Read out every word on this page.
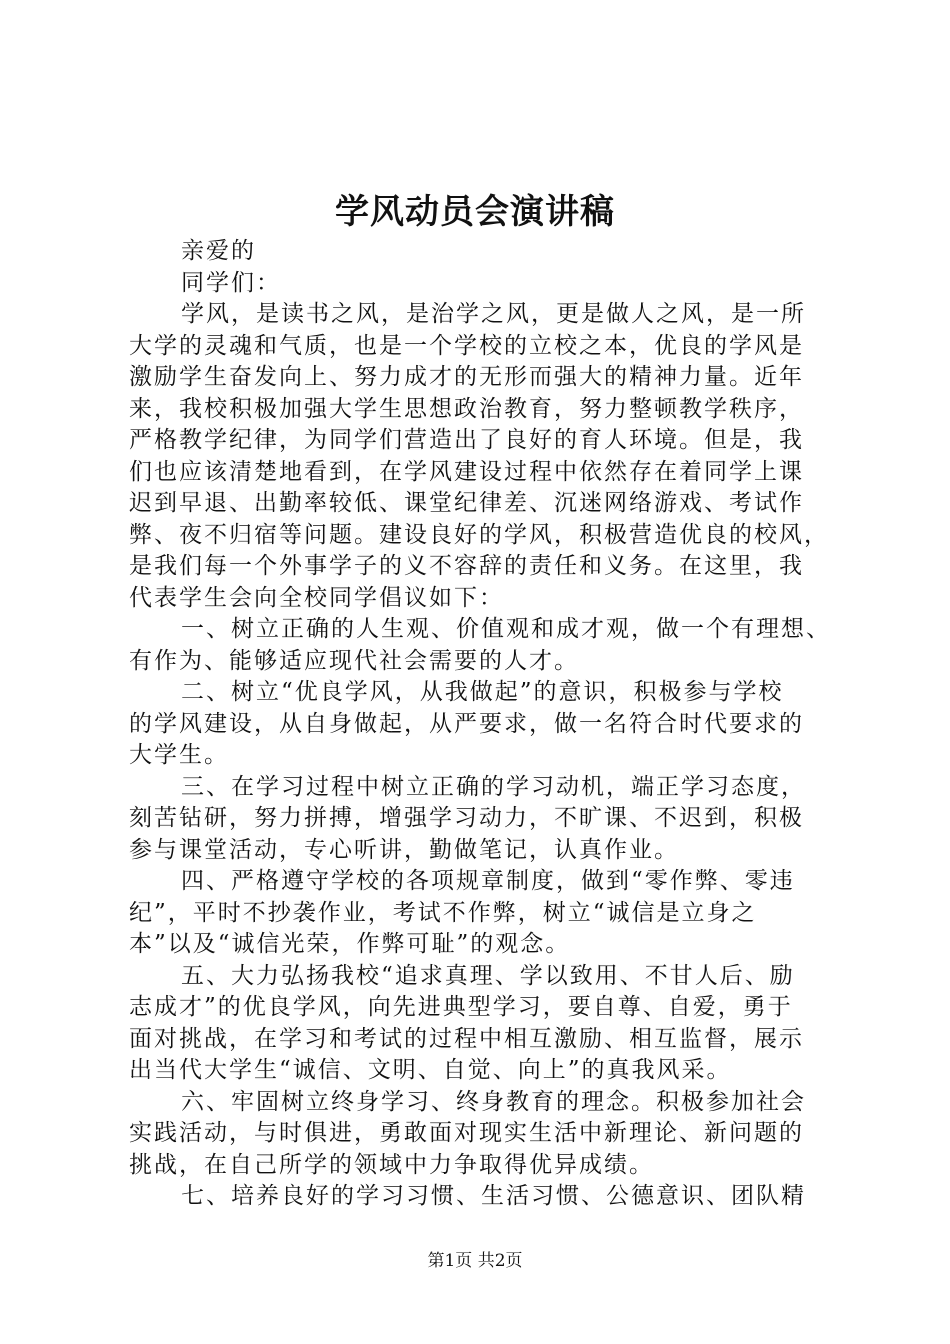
学风动员会演讲稿
亲爱的
同学们：
学风，是读书之风，是治学之风，更是做人之风，是一所
大学的灵魂和气质，也是一个学校的立校之本，优良的学风是
激励学生奋发向上、努力成才的无形而强大的精神力量。近年
来，我校积极加强大学生思想政治教育，努力整顿教学秩序，
严格教学纪律，为同学们营造出了良好的育人环境。但是，我
们也应该清楚地看到，在学风建设过程中依然存在着同学上课
迟到早退、出勤率较低、课堂纪律差、沉迷网络游戏、考试作
弊、夜不归宿等问题。建设良好的学风，积极营造优良的校风，
是我们每一个外事学子的义不容辞的责任和义务。在这里，我
代表学生会向全校同学倡议如下：
一、树立正确的人生观、价值观和成才观，做一个有理想、
有作为、能够适应现代社会需要的人才。
二、树立“优良学风，从我做起”的意识，积极参与学校
的学风建设，从自身做起，从严要求，做一名符合时代要求的
大学生。
三、在学习过程中树立正确的学习动机，端正学习态度，
刻苦钻研，努力拼搏，增强学习动力，不旷课、不迟到，积极
参与课堂活动，专心听讲，勤做笔记，认真作业。
四、严格遵守学校的各项规章制度，做到“零作弊、零违
纪”，平时不抄袭作业，考试不作弊，树立“诚信是立身之
本”以及“诚信光荣，作弊可耻”的观念。
五、大力弘扬我校“追求真理、学以致用、不甘人后、励
志成才”的优良学风，向先进典型学习，要自尊、自爱，勇于
面对挑战，在学习和考试的过程中相互激励、相互监督，展示
出当代大学生“诚信、文明、自觉、向上”的真我风采。
六、牢固树立终身学习、终身教育的理念。积极参加社会
实践活动，与时俱进，勇敢面对现实生活中新理论、新问题的
挑战，在自己所学的领域中力争取得优异成绩。
七、培养良好的学习习惯、生活习惯、公德意识、团队精
第1页 共2页
